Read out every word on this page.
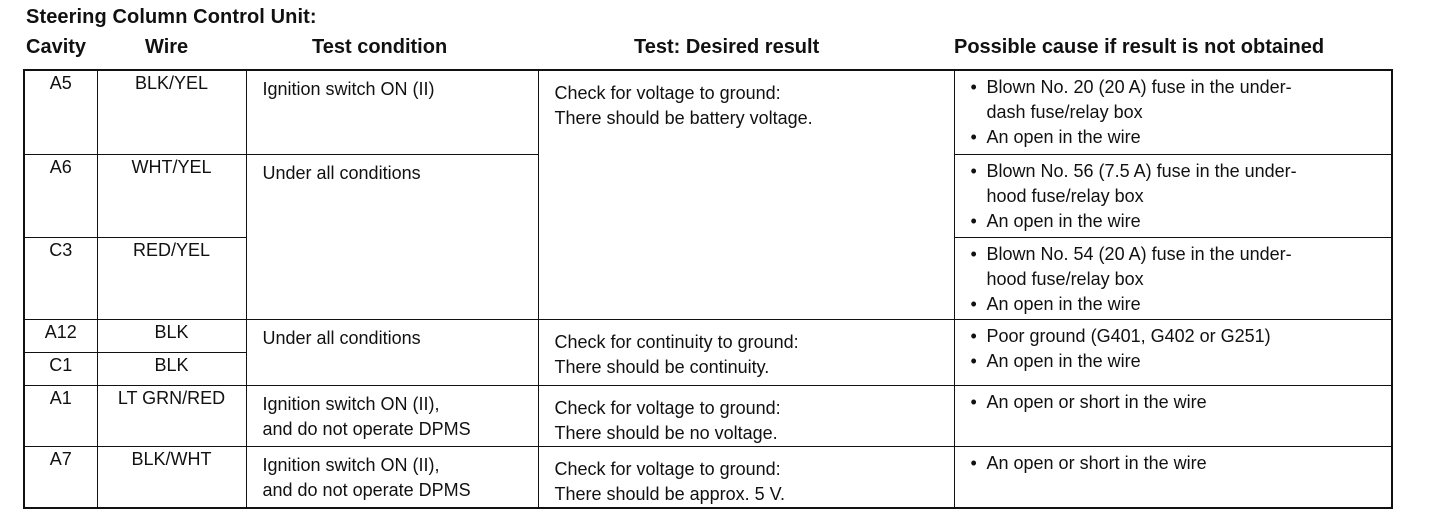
Steering Column Control Unit:
Cavity	Wire	Test condition	Test: Desired result	Possible cause if result is not obtained
A5	BLK/YEL	Ignition switch ON (II)	Check for voltage to ground:
There should be battery voltage.	• Blown No. 20 (20 A) fuse in the under-
dash fuse/relay box
• An open in the wire

A6	WHT/YEL	Under all conditions		• Blown No. 56 (7.5 A) fuse in the under-
hood fuse/relay box
• An open in the wire

C3	RED/YEL			• Blown No. 54 (20 A) fuse in the under-
hood fuse/relay box
• An open in the wire

A12	BLK	Under all conditions	Check for continuity to ground:
There should be continuity.	• Poor ground (G401, G402 or G251)
• An open in the wire

C1	BLK			
A1	LT GRN/RED	Ignition switch ON (II),
and do not operate DPMS	Check for voltage to ground:
There should be no voltage.	• An open or short in the wire

A7	BLK/WHT	Ignition switch ON (II),
and do not operate DPMS	Check for voltage to ground:
There should be approx. 5 V.	• An open or short in the wire
